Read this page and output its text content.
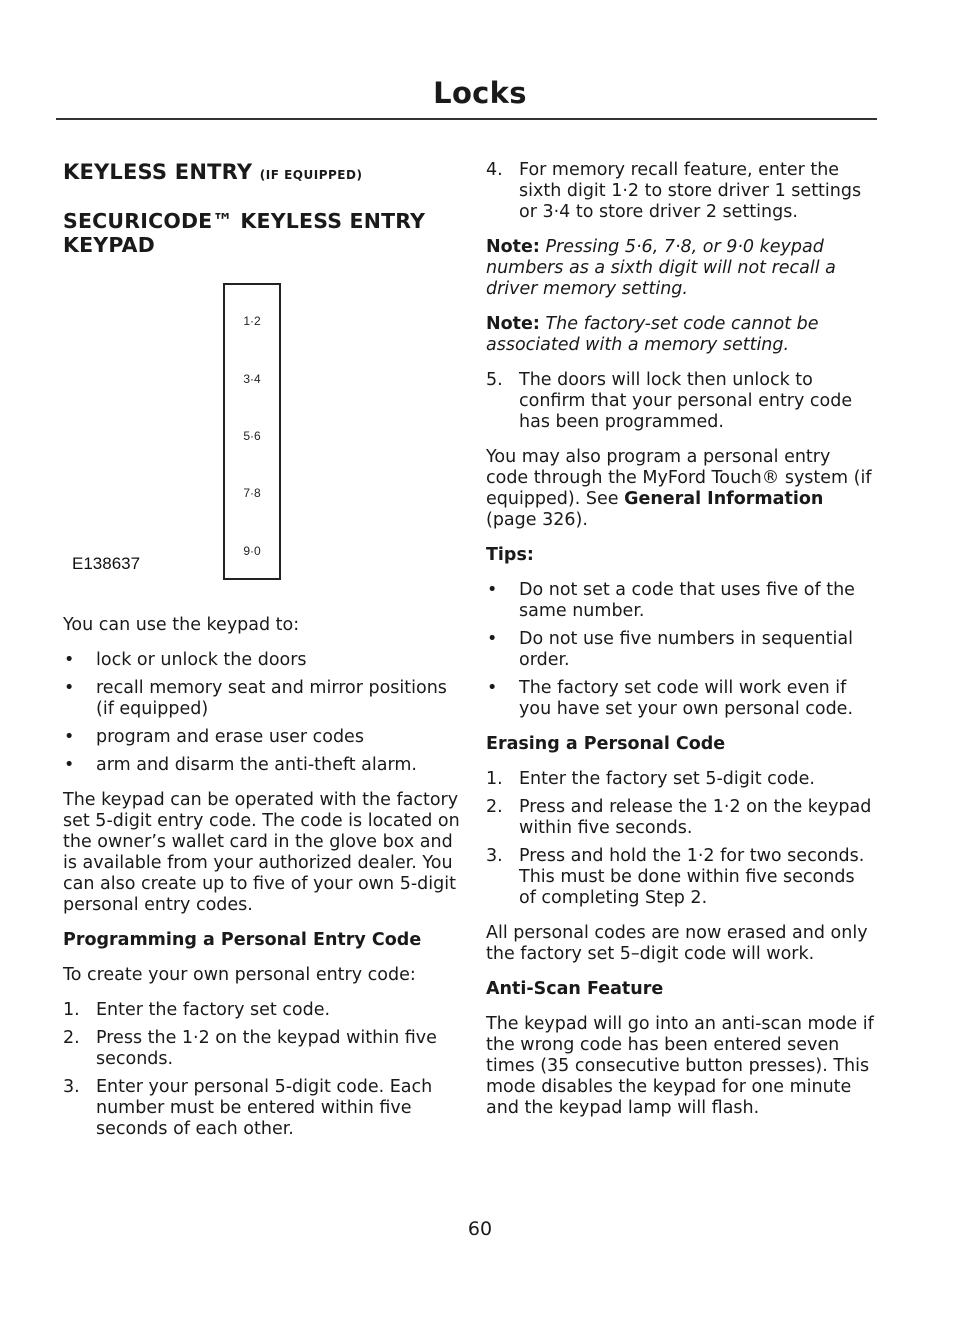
Locks
KEYLESS ENTRY (IF EQUIPPED)
SECURICODE™ KEYLESS ENTRY KEYPAD
1·2
3·4
5·6
7·8
9·0
E138637

You can use the keypad to:

• lock or unlock the doors
• recall memory seat and mirror positions (if equipped)
• program and erase user codes
• arm and disarm the anti-theft alarm.

The keypad can be operated with the factory set 5-digit entry code. The code is located on the owner’s wallet card in the glove box and is available from your authorized dealer. You can also create up to five of your own 5-digit personal entry codes.

Programming a Personal Entry Code

To create your own personal entry code:

1. Enter the factory set code.
2. Press the 1·2 on the keypad within five seconds.
3. Enter your personal 5-digit code. Each number must be entered within five seconds of each other.
4. For memory recall feature, enter the sixth digit 1·2 to store driver 1 settings or 3·4 to store driver 2 settings.

Note: Pressing 5·6, 7·8, or 9·0 keypad numbers as a sixth digit will not recall a driver memory setting.

Note: The factory-set code cannot be associated with a memory setting.

5. The doors will lock then unlock to confirm that your personal entry code has been programmed.

You may also program a personal entry code through the MyFord Touch® system (if equipped). See General Information (page 326).

Tips:
• Do not set a code that uses five of the same number.
• Do not use five numbers in sequential order.
• The factory set code will work even if you have set your own personal code.
Erasing a Personal Code
1. Enter the factory set 5-digit code.
2. Press and release the 1·2 on the keypad within five seconds.
3. Press and hold the 1·2 for two seconds. This must be done within five seconds of completing Step 2.

All personal codes are now erased and only the factory set 5–digit code will work.

Anti-Scan Feature

The keypad will go into an anti-scan mode if the wrong code has been entered seven times (35 consecutive button presses). This mode disables the keypad for one minute and the keypad lamp will flash.

60
